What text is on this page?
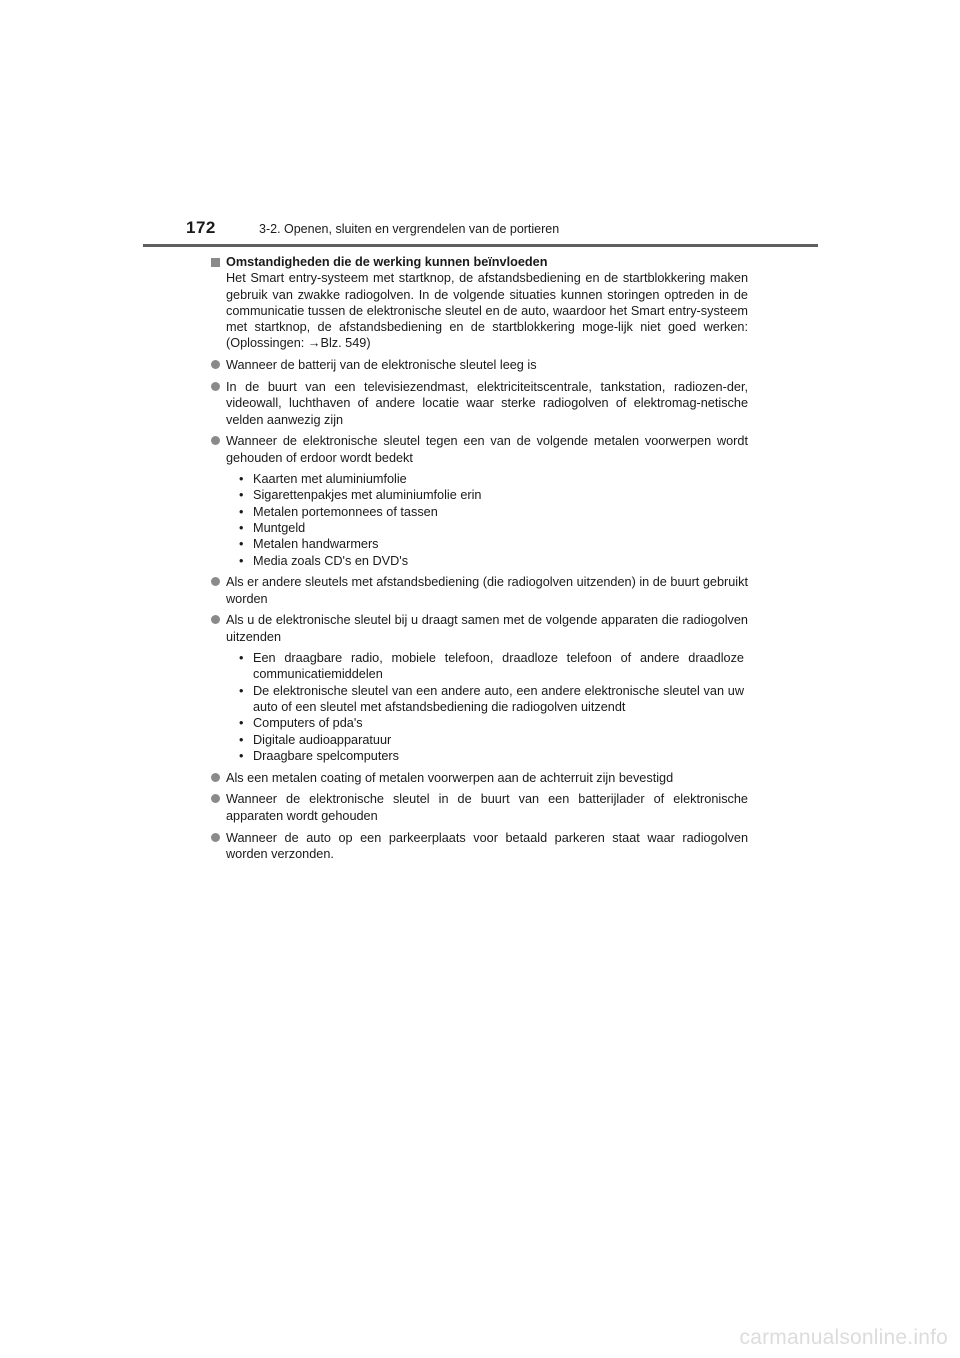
172	3-2. Openen, sluiten en vergrendelen van de portieren

Omstandigheden die de werking kunnen beïnvloeden

Het Smart entry-systeem met startknop, de afstandsbediening en de startblokkering maken gebruik van zwakke radiogolven. In de volgende situaties kunnen storingen optreden in de communicatie tussen de elektronische sleutel en de auto, waardoor het Smart entry-systeem met startknop, de afstandsbediening en de startblokkering moge-lijk niet goed werken: (Oplossingen: →Blz. 549)

Wanneer de batterij van de elektronische sleutel leeg is
In de buurt van een televisiezendmast, elektriciteitscentrale, tankstation, radiozen-der, videowall, luchthaven of andere locatie waar sterke radiogolven of elektromag-netische velden aanwezig zijn
Wanneer de elektronische sleutel tegen een van de volgende metalen voorwerpen wordt gehouden of erdoor wordt bedekt
• Kaarten met aluminiumfolie
• Sigarettenpakjes met aluminiumfolie erin
• Metalen portemonnees of tassen
• Muntgeld
• Metalen handwarmers
• Media zoals CD's en DVD's
Als er andere sleutels met afstandsbediening (die radiogolven uitzenden) in de buurt gebruikt worden
Als u de elektronische sleutel bij u draagt samen met de volgende apparaten die radiogolven uitzenden
• Een draagbare radio, mobiele telefoon, draadloze telefoon of andere draadloze communicatiemiddelen
• De elektronische sleutel van een andere auto, een andere elektronische sleutel van uw auto of een sleutel met afstandsbediening die radiogolven uitzendt
• Computers of pda's
• Digitale audioapparatuur
• Draagbare spelcomputers
Als een metalen coating of metalen voorwerpen aan de achterruit zijn bevestigd
Wanneer de elektronische sleutel in de buurt van een batterijlader of elektronische apparaten wordt gehouden
Wanneer de auto op een parkeerplaats voor betaald parkeren staat waar radiogolven worden verzonden.
carmanualsonline.info
